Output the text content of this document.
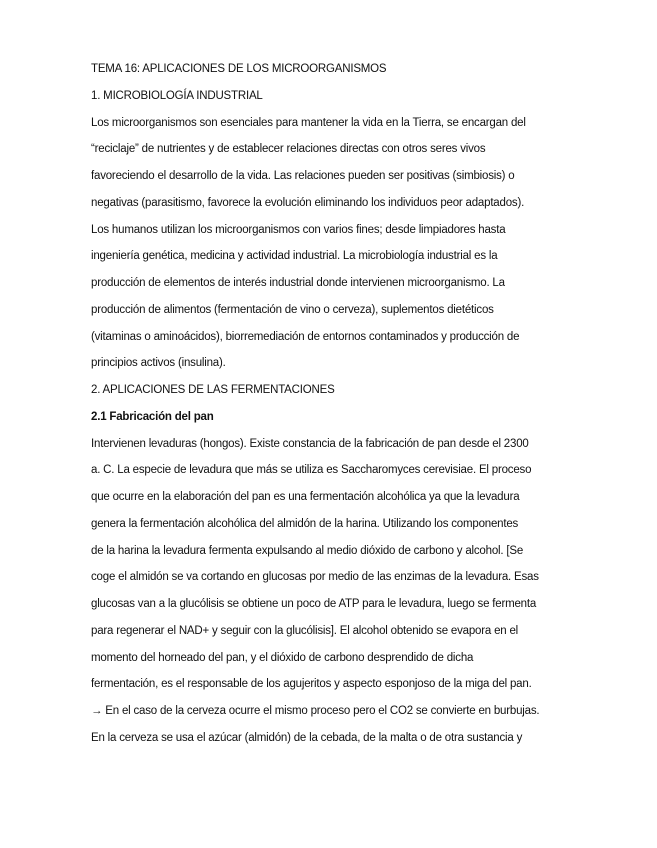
TEMA 16: APLICACIONES DE LOS MICROORGANISMOS

1. MICROBIOLOGÍA INDUSTRIAL

Los microorganismos son esenciales para mantener la vida en la Tierra, se encargan del

“reciclaje” de nutrientes y de establecer relaciones directas con otros seres vivos

favoreciendo el desarrollo de la vida. Las relaciones pueden ser positivas (simbiosis) o

negativas (parasitismo, favorece la evolución eliminando los individuos peor adaptados).

Los humanos utilizan los microorganismos con varios fines; desde limpiadores hasta

ingeniería genética, medicina y actividad industrial. La microbiología industrial es la

producción de elementos de interés industrial donde intervienen microorganismo. La

producción de alimentos (fermentación de vino o cerveza), suplementos dietéticos

(vitaminas o aminoácidos), biorremediación de entornos contaminados y producción de

principios activos (insulina).

2. APLICACIONES DE LAS FERMENTACIONES

2.1 Fabricación del pan

Intervienen levaduras (hongos). Existe constancia de la fabricación de pan desde el 2300

a. C. La especie de levadura que más se utiliza es Saccharomyces cerevisiae. El proceso

que ocurre en la elaboración del pan es una fermentación alcohólica ya que la levadura

genera la fermentación alcohólica del almidón de la harina. Utilizando los componentes

de la harina la levadura fermenta expulsando al medio dióxido de carbono y alcohol. [Se

coge el almidón se va cortando en glucosas por medio de las enzimas de la levadura. Esas

glucosas van a la glucólisis se obtiene un poco de ATP para le levadura, luego se fermenta

para regenerar el NAD+ y seguir con la glucólisis]. El alcohol obtenido se evapora en el

momento del horneado del pan, y el dióxido de carbono desprendido de dicha

fermentación, es el responsable de los agujeritos y aspecto esponjoso de la miga del pan.

→ En el caso de la cerveza ocurre el mismo proceso pero el CO2 se convierte en burbujas.

En la cerveza se usa el azúcar (almidón) de la cebada, de la malta o de otra sustancia y
